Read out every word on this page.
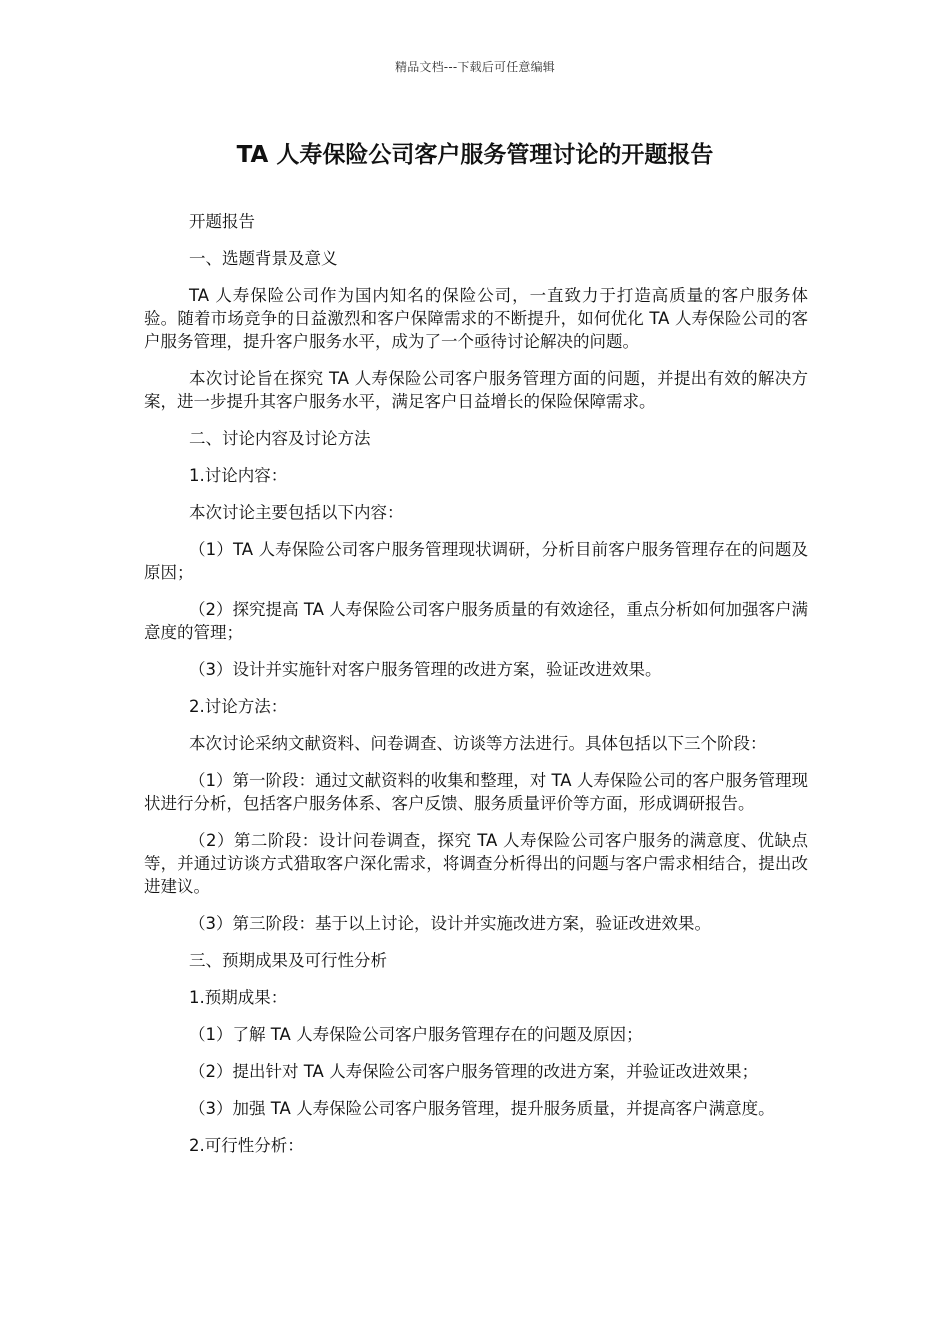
精品文档---下载后可任意编辑
TA 人寿保险公司客户服务管理讨论的开题报告

开题报告

一、选题背景及意义

TA 人寿保险公司作为国内知名的保险公司，一直致力于打造高质量的客户服务体验。随着市场竞争的日益激烈和客户保障需求的不断提升，如何优化 TA 人寿保险公司的客户服务管理，提升客户服务水平，成为了一个亟待讨论解决的问题。

本次讨论旨在探究 TA 人寿保险公司客户服务管理方面的问题，并提出有效的解决方案，进一步提升其客户服务水平，满足客户日益增长的保险保障需求。

二、讨论内容及讨论方法

1.讨论内容：

本次讨论主要包括以下内容：

（1）TA 人寿保险公司客户服务管理现状调研，分析目前客户服务管理存在的问题及原因；

（2）探究提高 TA 人寿保险公司客户服务质量的有效途径，重点分析如何加强客户满意度的管理；

（3）设计并实施针对客户服务管理的改进方案，验证改进效果。

2.讨论方法：

本次讨论采纳文献资料、问卷调查、访谈等方法进行。具体包括以下三个阶段：

（1）第一阶段：通过文献资料的收集和整理，对 TA 人寿保险公司的客户服务管理现状进行分析，包括客户服务体系、客户反馈、服务质量评价等方面，形成调研报告。

（2）第二阶段：设计问卷调查，探究 TA 人寿保险公司客户服务的满意度、优缺点等，并通过访谈方式猎取客户深化需求，将调查分析得出的问题与客户需求相结合，提出改进建议。

（3）第三阶段：基于以上讨论，设计并实施改进方案，验证改进效果。

三、预期成果及可行性分析

1.预期成果：

（1）了解 TA 人寿保险公司客户服务管理存在的问题及原因；

（2）提出针对 TA 人寿保险公司客户服务管理的改进方案，并验证改进效果；

（3）加强 TA 人寿保险公司客户服务管理，提升服务质量，并提高客户满意度。

2.可行性分析：
